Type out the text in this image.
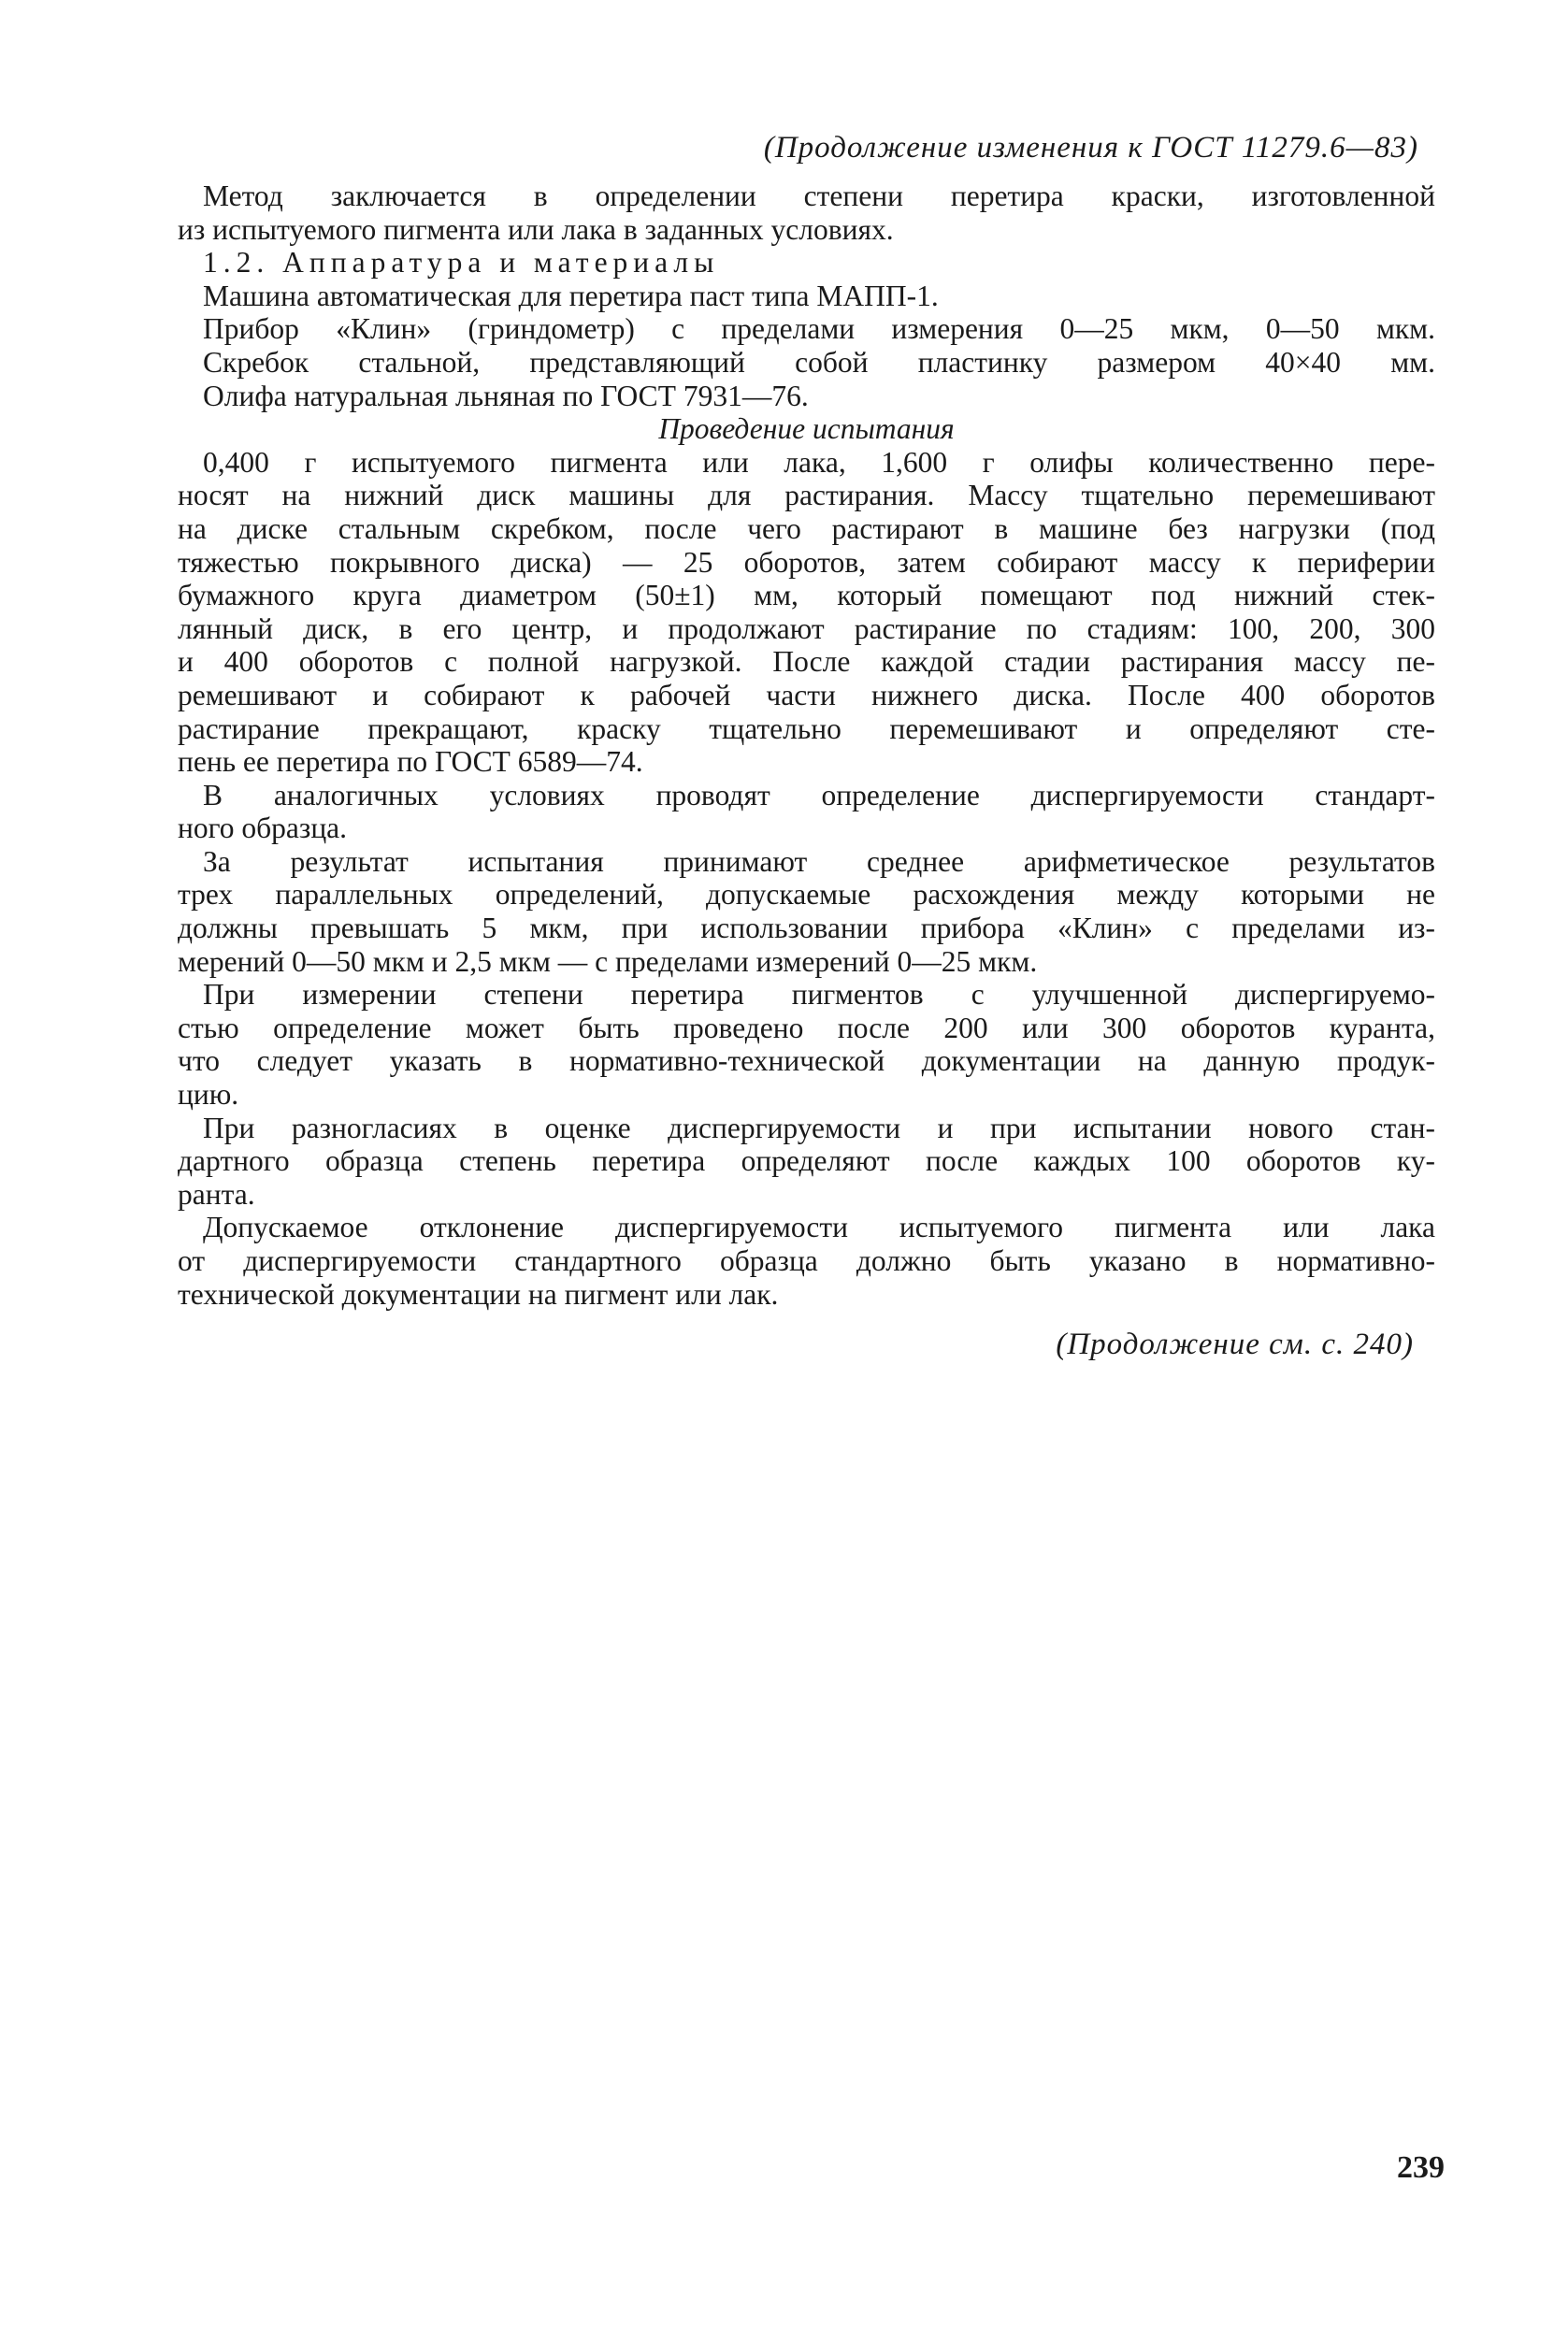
(Продолжение изменения к ГОСТ 11279.6—83)
Метод заключается в определении степени перетира краски, изготовленной
из испытуемого пигмента или лака в заданных условиях.
1.2. Аппаратура и материалы
Машина автоматическая для перетира паст типа МАПП-1.
Прибор «Клин» (гриндометр) с пределами измерения 0—25 мкм, 0—50 мкм.
Скребок стальной, представляющий собой пластинку размером 40×40 мм.
Олифа натуральная льняная по ГОСТ 7931—76.
Проведение испытания
0,400 г испытуемого пигмента или лака, 1,600 г олифы количественно пере-
носят на нижний диск машины для растирания. Массу тщательно перемешивают
на диске стальным скребком, после чего растирают в машине без нагрузки (под
тяжестью покрывного диска) — 25 оборотов, затем собирают массу к периферии
бумажного круга диаметром (50±1) мм, который помещают под нижний стек-
лянный диск, в его центр, и продолжают растирание по стадиям: 100, 200, 300
и 400 оборотов с полной нагрузкой. После каждой стадии растирания массу пе-
ремешивают и собирают к рабочей части нижнего диска. После 400 оборотов
растирание прекращают, краску тщательно перемешивают и определяют сте-
пень ее перетира по ГОСТ 6589—74.
В аналогичных условиях проводят определение диспергируемости стандарт-
ного образца.
За результат испытания принимают среднее арифметическое результатов
трех параллельных определений, допускаемые расхождения между которыми не
должны превышать 5 мкм, при использовании прибора «Клин» с пределами из-
мерений 0—50 мкм и 2,5 мкм — с пределами измерений 0—25 мкм.
При измерении степени перетира пигментов с улучшенной диспергируемо-
стью определение может быть проведено после 200 или 300 оборотов куранта,
что следует указать в нормативно-технической документации на данную продук-
цию.
При разногласиях в оценке диспергируемости и при испытании нового стан-
дартного образца степень перетира определяют после каждых 100 оборотов ку-
ранта.
Допускаемое отклонение диспергируемости испытуемого пигмента или лака
от диспергируемости стандартного образца должно быть указано в нормативно-
технической документации на пигмент или лак.
(Продолжение см. с. 240)
239
